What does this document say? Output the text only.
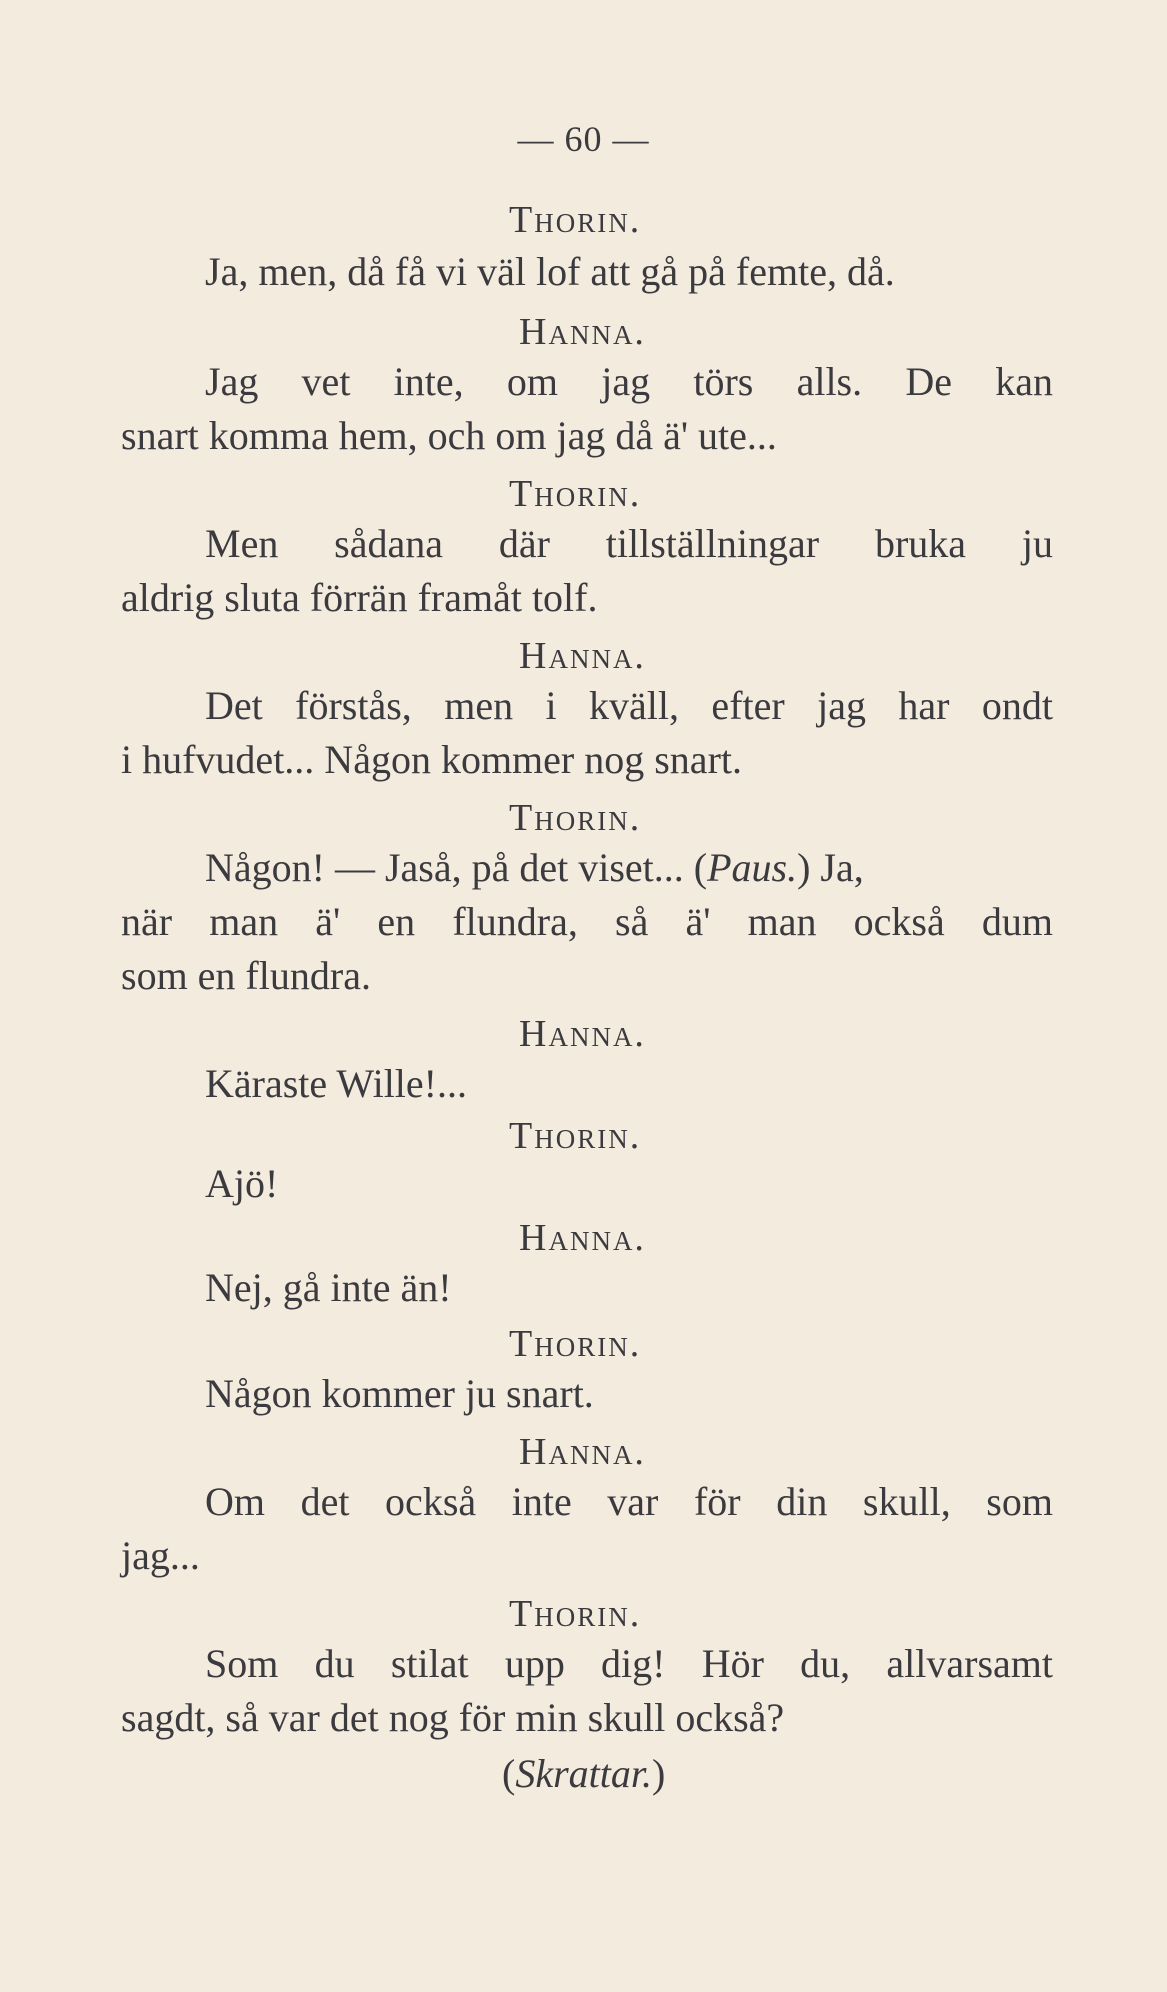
— 60 —
Thorin.
Ja, men, då få vi väl lof att gå på femte, då.
Hanna.
Jag vet inte, om jag törs alls. De kan
snart komma hem, och om jag då ä' ute...
Thorin.
Men sådana där tillställningar bruka ju
aldrig sluta förrän framåt tolf.
Hanna.
Det förstås, men i kväll, efter jag har ondt
i hufvudet... Någon kommer nog snart.
Thorin.
Någon! — Jaså, på det viset... (Paus.) Ja,
när man ä' en flundra, så ä' man också dum
som en flundra.
Hanna.
Käraste Wille!...
Thorin.
Ajö!
Hanna.
Nej, gå inte än!
Thorin.
Någon kommer ju snart.
Hanna.
Om det också inte var för din skull, som
jag...
Thorin.
Som du stilat upp dig! Hör du, allvarsamt
sagdt, så var det nog för min skull också?
(Skrattar.)
